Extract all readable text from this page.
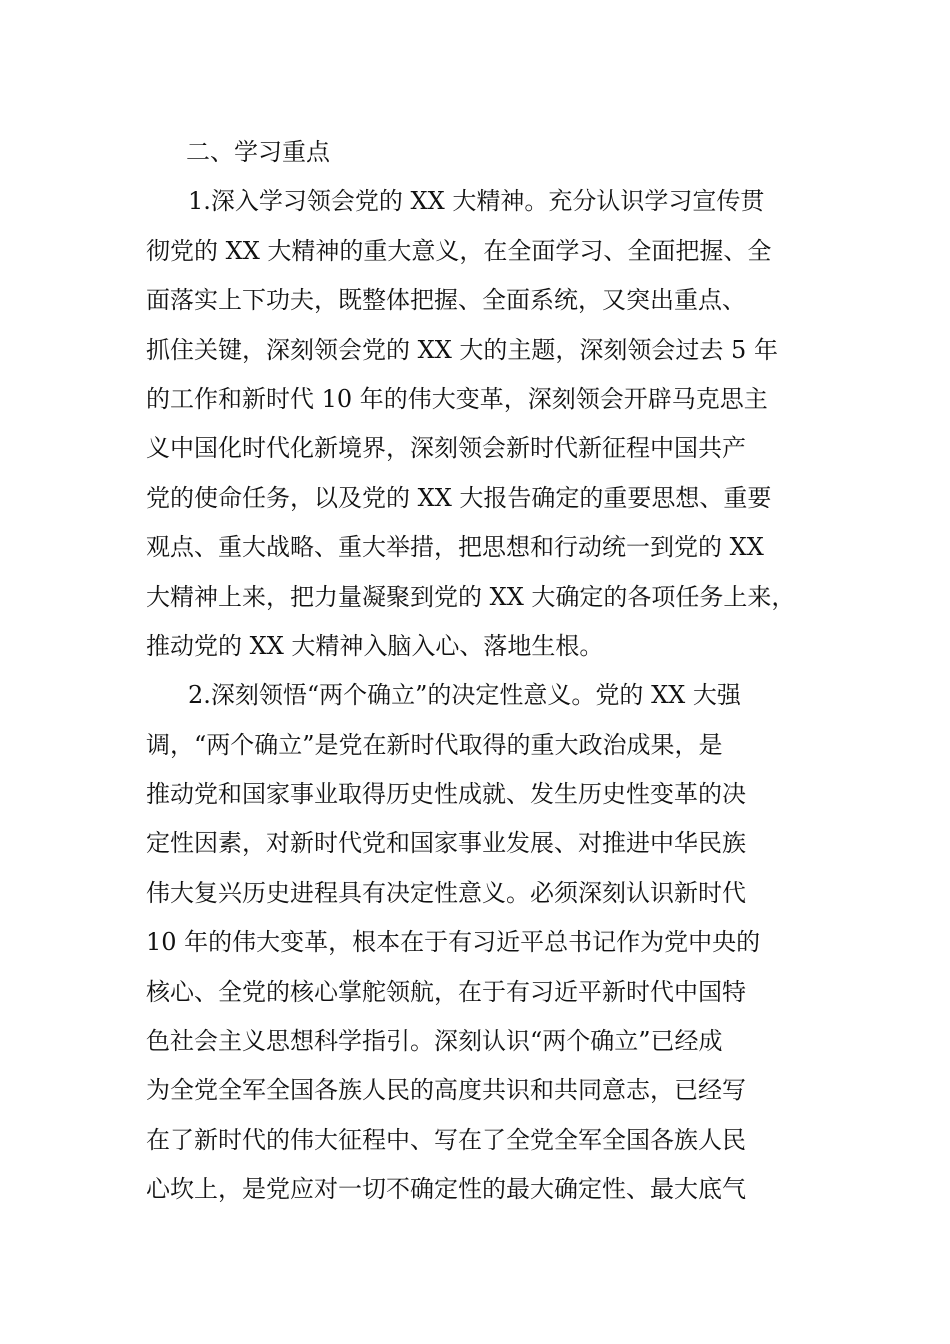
二、学习重点
1.深入学习领会党的 XX 大精神。充分认识学习宣传贯
彻党的 XX 大精神的重大意义，在全面学习、全面把握、全
面落实上下功夫，既整体把握、全面系统，又突出重点、
抓住关键，深刻领会党的 XX 大的主题，深刻领会过去 5 年
的工作和新时代 10 年的伟大变革，深刻领会开辟马克思主
义中国化时代化新境界，深刻领会新时代新征程中国共产
党的使命任务，以及党的 XX 大报告确定的重要思想、重要
观点、重大战略、重大举措，把思想和行动统一到党的 XX
大精神上来，把力量凝聚到党的 XX 大确定的各项任务上来，
推动党的 XX 大精神入脑入心、落地生根。
2.深刻领悟“两个确立”的决定性意义。党的 XX 大强
调，“两个确立”是党在新时代取得的重大政治成果，是
推动党和国家事业取得历史性成就、发生历史性变革的决
定性因素，对新时代党和国家事业发展、对推进中华民族
伟大复兴历史进程具有决定性意义。必须深刻认识新时代
10 年的伟大变革，根本在于有习近平总书记作为党中央的
核心、全党的核心掌舵领航，在于有习近平新时代中国特
色社会主义思想科学指引。深刻认识“两个确立”已经成
为全党全军全国各族人民的高度共识和共同意志，已经写
在了新时代的伟大征程中、写在了全党全军全国各族人民
心坎上，是党应对一切不确定性的最大确定性、最大底气
